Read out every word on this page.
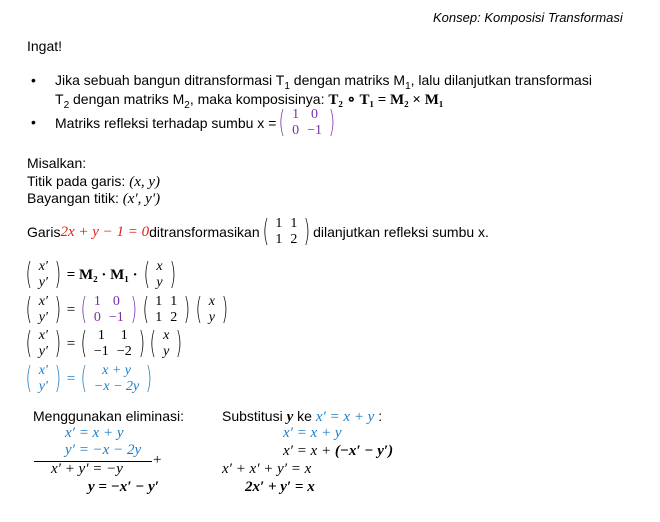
Konsep: Komposisi Transformasi
Ingat!
• Jika sebuah bangun ditransformasi $T_1$ dengan matriks $M_1$, lalu dilanjutkan transformasi
$T_2$ dengan matriks $M_2$, maka komposisinya: T₂ ∘ T₁ = M₂ × M₁
• Matriks refleksi terhadap sumbu x = ( 1	0
0	−1 )
Misalkan:
Titik pada garis: (x, y)
Bayangan titik: (x′, y′)
Garis 2x + y − 1 = 0 ditransformasikan ( 1	1
1	2 ) dilanjutkan refleksi sumbu x.
( x′
y′ ) = M₂ · M₁ · ( x
y )
( x′
y′ ) = ( 1	0
0	−1 ) ( 1	1
1	2 ) ( x
y )
( x′
y′ ) = ( 1	1
−1	−2 ) ( x
y )
( x′
y′ ) = ( x + y
−x − 2y )
Menggunakan eliminasi:
x′ = x + y
y′ = −x − 2y
+
x′ + y′ = −y
y = −x′ − y′
Substitusi y ke x′ = x + y :
x′ = x + y
x′ = x + (−x′ − y′)
x′ + x′ + y′ = x
2x′ + y′ = x
